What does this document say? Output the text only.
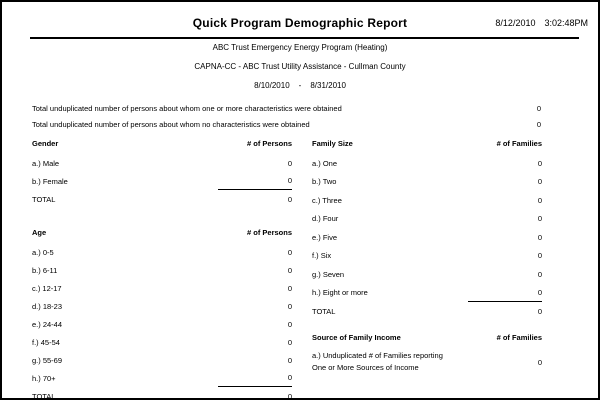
Quick Program Demographic Report	8/12/2010 3:02:48PM
ABC Trust Emergency Energy Program (Heating)
CAPNA-CC - ABC Trust Utility Assistance - Cullman County
8/10/2010 - 8/31/2010
Total unduplicated number of persons about whom one or more characteristics were obtained	0
Total unduplicated number of persons about whom no characteristics were obtained	0
Gender	# of Persons
a.) Male	0
b.) Female	0
TOTAL	0
Age	# of Persons
a.) 0-5	0
b.) 6-11	0
c.) 12-17	0
d.) 18-23	0
e.) 24-44	0
f.) 45-54	0
g.) 55-69	0
h.) 70+	0
TOTAL	0
Family Size	# of Families
a.) One	0
b.) Two	0
c.) Three	0
d.) Four	0
e.) Five	0
f.) Six	0
g.) Seven	0
h.) Eight or more	0
TOTAL	0
Source of Family Income	# of Families
a.) Unduplicated # of Families reporting
One or More Sources of Income
0
